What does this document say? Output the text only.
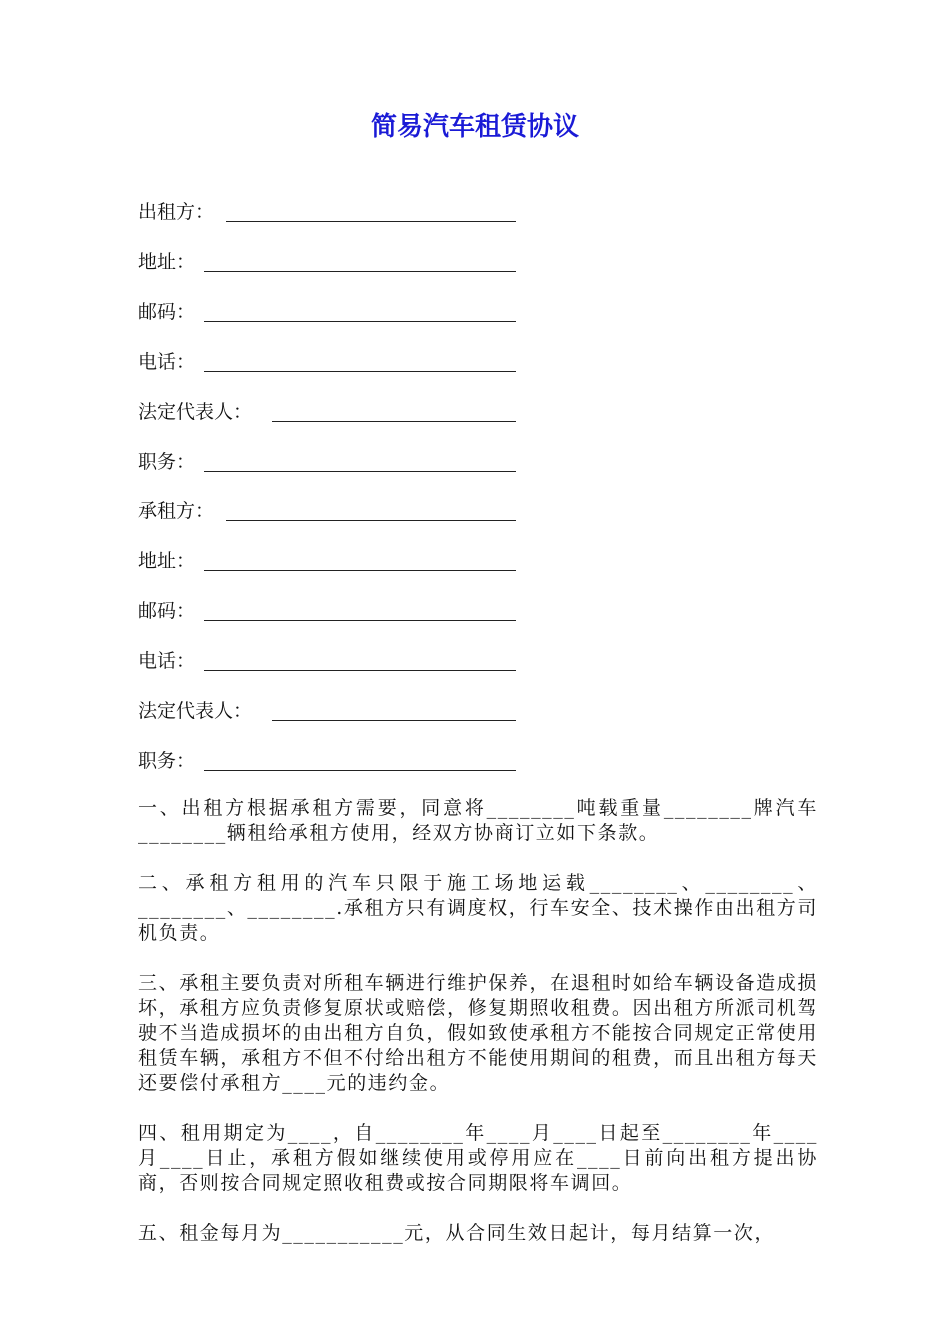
简易汽车租赁协议
出租方：
地址：
邮码：
电话：
法定代表人：
职务：
承租方：
地址：
邮码：
电话：
法定代表人：
职务：

一、出租方根据承租方需要，同意将________吨载重量________牌汽车________辆租给承租方使用，经双方协商订立如下条款。

二、承租方租用的汽车只限于施工场地运载________、________、________、________.承租方只有调度权，行车安全、技术操作由出租方司机负责。

三、承租主要负责对所租车辆进行维护保养，在退租时如给车辆设备造成损坏，承租方应负责修复原状或赔偿，修复期照收租费。因出租方所派司机驾驶不当造成损坏的由出租方自负，假如致使承租方不能按合同规定正常使用租赁车辆，承租方不但不付给出租方不能使用期间的租费，而且出租方每天还要偿付承租方____元的违约金。

四、租用期定为____，自________年____月____日起至________年____月____日止，承租方假如继续使用或停用应在____日前向出租方提出协商，否则按合同规定照收租费或按合同期限将车调回。

五、租金每月为___________元，从合同生效日起计，每月结算一次，
